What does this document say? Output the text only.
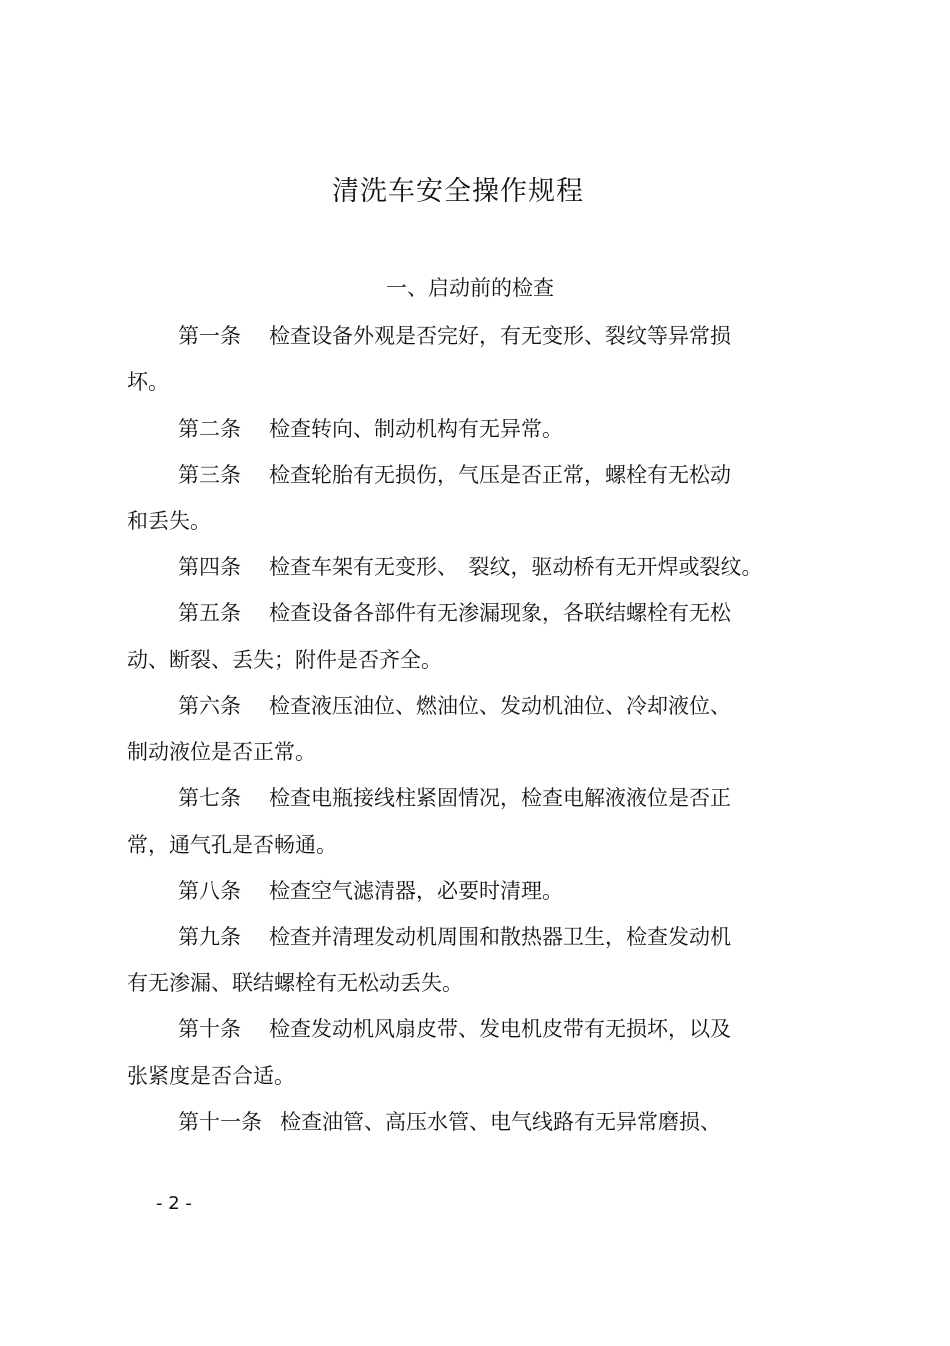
清洗车安全操作规程
一、启动前的检查

第一条 检查设备外观是否完好，有无变形、裂纹等异常损

坏。

第二条 检查转向、制动机构有无异常。

第三条 检查轮胎有无损伤，气压是否正常，螺栓有无松动

和丢失。

第四条 检查车架有无变形、　裂纹，驱动桥有无开焊或裂纹。

第五条 检查设备各部件有无渗漏现象，各联结螺栓有无松

动、断裂、丢失；附件是否齐全。

第六条 检查液压油位、燃油位、发动机油位、冷却液位、

制动液位是否正常。

第七条 检查电瓶接线柱紧固情况，检查电解液液位是否正

常，通气孔是否畅通。

第八条 检查空气滤清器，必要时清理。

第九条 检查并清理发动机周围和散热器卫生，检查发动机

有无渗漏、联结螺栓有无松动丢失。

第十条 检查发动机风扇皮带、发电机皮带有无损坏，以及

张紧度是否合适。

第十一条 检查油管、高压水管、电气线路有无异常磨损、

- 2 -
